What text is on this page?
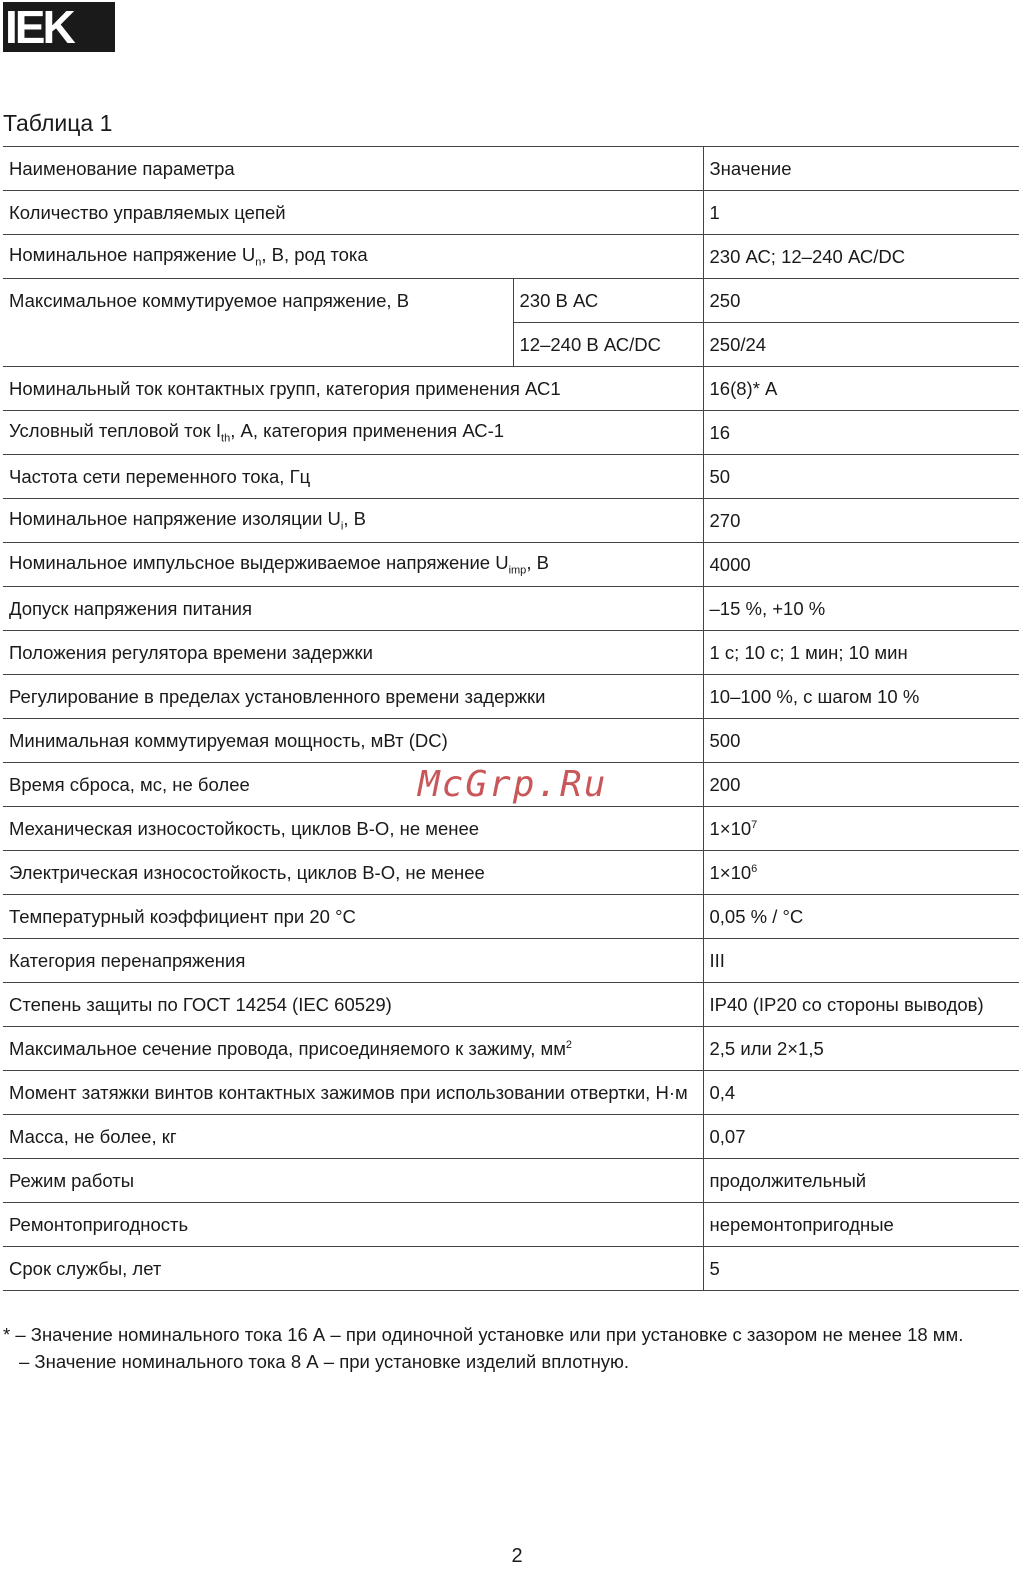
IEK
Таблица 1
Наименование параметра		Значение
Количество управляемых цепей		1
Номинальное напряжение $U_n$, В, род тока		230 АС; 12–240 АС/DC
Максимальное коммутируемое напряжение, В	230 В АС	250
	12–240 В АС/DC	250/24
Номинальный ток контактных групп, категория применения АС1		16(8)* А
Условный тепловой ток $I_{th}$, А, категория применения АС-1		16
Частота сети переменного тока, Гц		50
Номинальное напряжение изоляции $U_i$, В		270
Номинальное импульсное выдерживаемое напряжение $U_{imp}$, В		4000
Допуск напряжения питания		–15 %, +10 %
Положения регулятора времени задержки		1 с; 10 с; 1 мин; 10 мин
Регулирование в пределах установленного времени задержки		10–100 %, с шагом 10 %
Минимальная коммутируемая мощность, мВт (DC)		500
Время сброса, мс, не более		200
Механическая износостойкость, циклов В-О, не менее		$1\times 10^7$
Электрическая износостойкость, циклов В-О, не менее		$1\times 10^6$
Температурный коэффициент при 20 °С		0,05 % / °С
Категория перенапряжения		III
Степень защиты по ГОСТ 14254 (IEC 60529)		IP40 (IP20 со стороны выводов)
Максимальное сечение провода, присоединяемого к зажиму, $мм^2$		2,5 или 2×1,5
Момент затяжки винтов контактных зажимов при использовании отвертки, Н·м		0,4
Масса, не более, кг		0,07
Режим работы		продолжительный
Ремонтопригодность		неремонтопригодные
Срок службы, лет		5
McGrp.Ru
* – Значение номинального тока 16 А – при одиночной установке или при установке с зазором не менее 18 мм.
– Значение номинального тока 8 А – при установке изделий вплотную.
2
